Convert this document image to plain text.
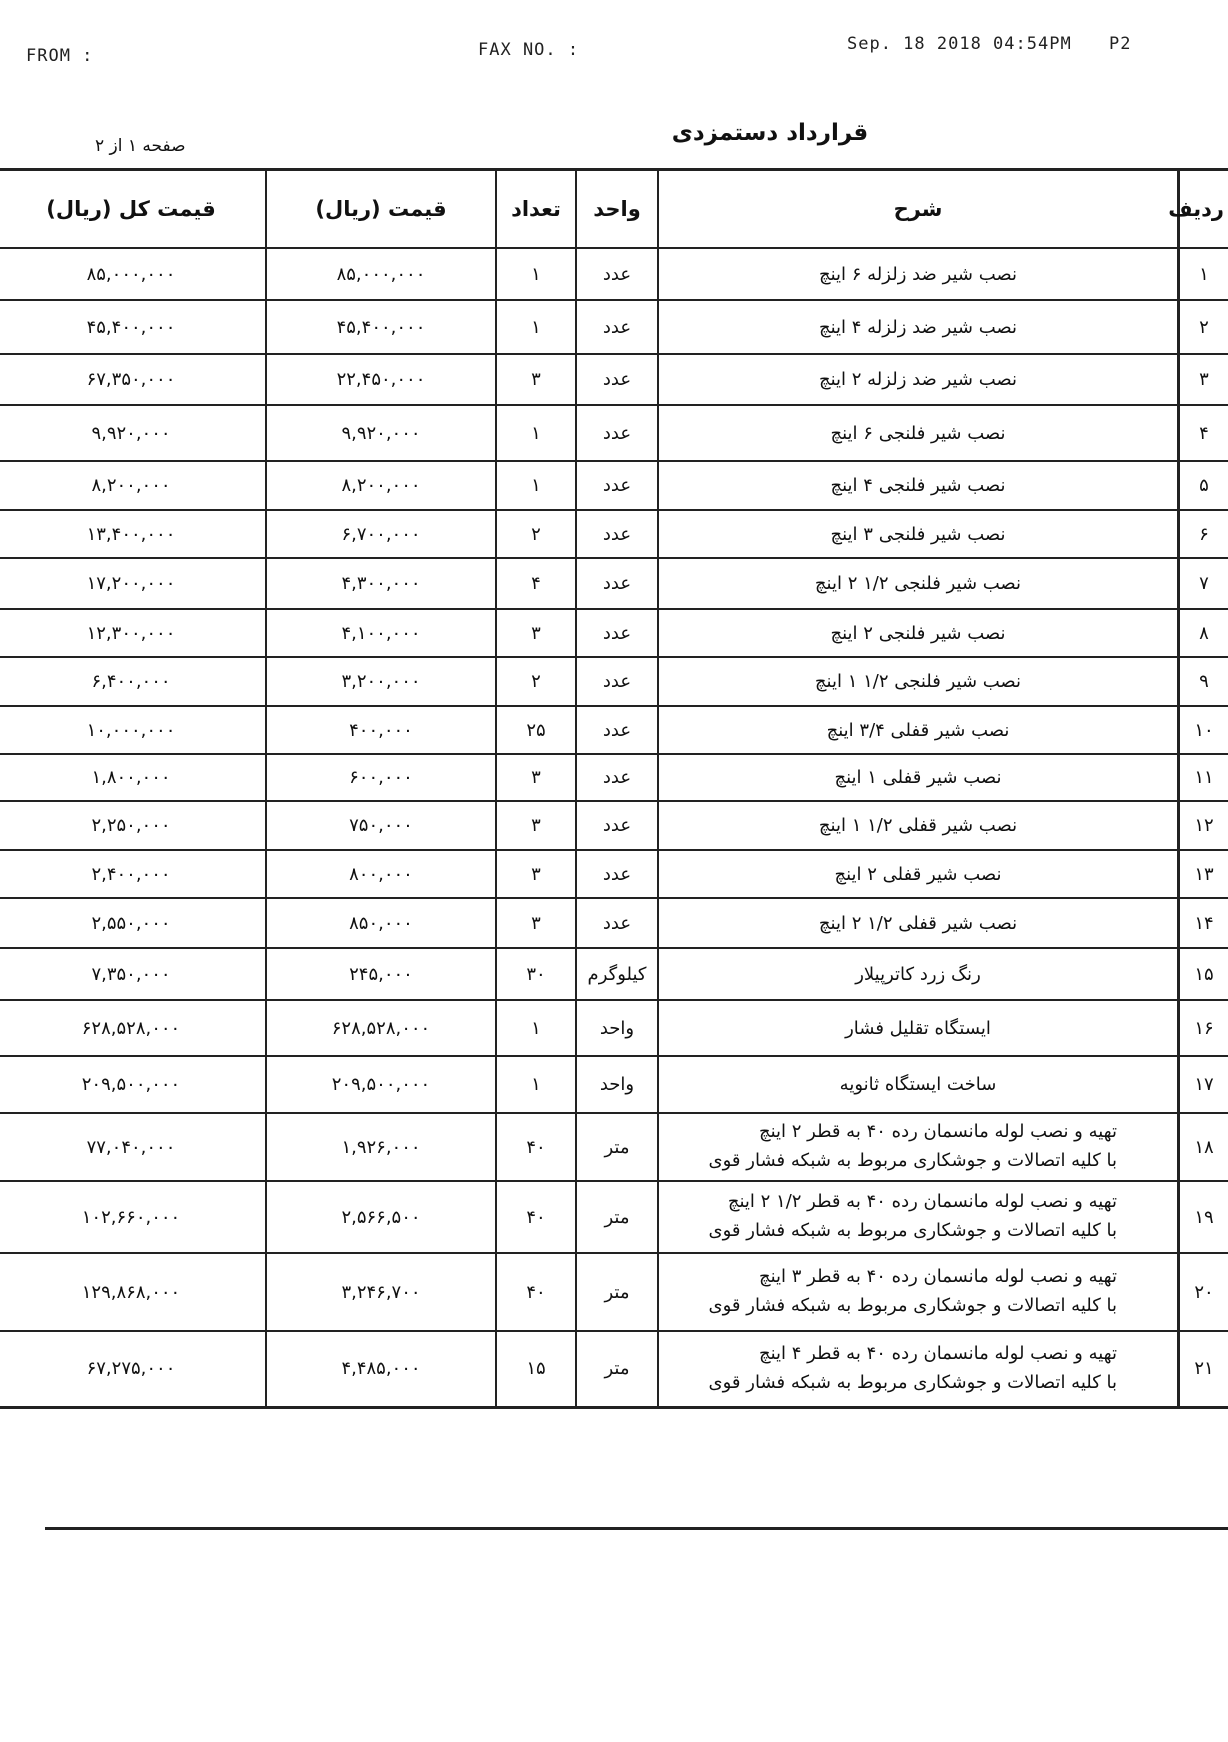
FROM :	FAX NO. :	Sep. 18 2018 04:54PM P2
قرارداد دستمزدی
صفحه ۱ از ۲
ردیف	شرح	واحد	تعداد	قیمت (ریال)	قیمت کل (ریال)
۱	نصب شیر ضد زلزله ۶ اینچ	عدد	۱	۸۵,۰۰۰,۰۰۰	۸۵,۰۰۰,۰۰۰
۲	نصب شیر ضد زلزله ۴ اینچ	عدد	۱	۴۵,۴۰۰,۰۰۰	۴۵,۴۰۰,۰۰۰
۳	نصب شیر ضد زلزله ۲ اینچ	عدد	۳	۲۲,۴۵۰,۰۰۰	۶۷,۳۵۰,۰۰۰
۴	نصب شیر فلنجی ۶ اینچ	عدد	۱	۹,۹۲۰,۰۰۰	۹,۹۲۰,۰۰۰
۵	نصب شیر فلنجی ۴ اینچ	عدد	۱	۸,۲۰۰,۰۰۰	۸,۲۰۰,۰۰۰
۶	نصب شیر فلنجی ۳ اینچ	عدد	۲	۶,۷۰۰,۰۰۰	۱۳,۴۰۰,۰۰۰
۷	نصب شیر فلنجی ۱/۲ ۲ اینچ	عدد	۴	۴,۳۰۰,۰۰۰	۱۷,۲۰۰,۰۰۰
۸	نصب شیر فلنجی ۲ اینچ	عدد	۳	۴,۱۰۰,۰۰۰	۱۲,۳۰۰,۰۰۰
۹	نصب شیر فلنجی ۱/۲ ۱ اینچ	عدد	۲	۳,۲۰۰,۰۰۰	۶,۴۰۰,۰۰۰
۱۰	نصب شیر قفلی ۳/۴ اینچ	عدد	۲۵	۴۰۰,۰۰۰	۱۰,۰۰۰,۰۰۰
۱۱	نصب شیر قفلی ۱ اینچ	عدد	۳	۶۰۰,۰۰۰	۱,۸۰۰,۰۰۰
۱۲	نصب شیر قفلی ۱/۲ ۱ اینچ	عدد	۳	۷۵۰,۰۰۰	۲,۲۵۰,۰۰۰
۱۳	نصب شیر قفلی ۲ اینچ	عدد	۳	۸۰۰,۰۰۰	۲,۴۰۰,۰۰۰
۱۴	نصب شیر قفلی ۱/۲ ۲ اینچ	عدد	۳	۸۵۰,۰۰۰	۲,۵۵۰,۰۰۰
۱۵	رنگ زرد کاترپیلار	کیلوگرم	۳۰	۲۴۵,۰۰۰	۷,۳۵۰,۰۰۰
۱۶	ایستگاه تقلیل فشار	واحد	۱	۶۲۸,۵۲۸,۰۰۰	۶۲۸,۵۲۸,۰۰۰
۱۷	ساخت ایستگاه ثانویه	واحد	۱	۲۰۹,۵۰۰,۰۰۰	۲۰۹,۵۰۰,۰۰۰
۱۸	تهیه و نصب لوله مانسمان رده ۴۰ به قطر ۲ اینچ
با کلیه اتصالات و جوشکاری مربوط به شبکه فشار قوی	متر	۴۰	۱,۹۲۶,۰۰۰	۷۷,۰۴۰,۰۰۰
۱۹	تهیه و نصب لوله مانسمان رده ۴۰ به قطر ۱/۲ ۲ اینچ
با کلیه اتصالات و جوشکاری مربوط به شبکه فشار قوی	متر	۴۰	۲,۵۶۶,۵۰۰	۱۰۲,۶۶۰,۰۰۰
۲۰	تهیه و نصب لوله مانسمان رده ۴۰ به قطر ۳ اینچ
با کلیه اتصالات و جوشکاری مربوط به شبکه فشار قوی	متر	۴۰	۳,۲۴۶,۷۰۰	۱۲۹,۸۶۸,۰۰۰
۲۱	تهیه و نصب لوله مانسمان رده ۴۰ به قطر ۴ اینچ
با کلیه اتصالات و جوشکاری مربوط به شبکه فشار قوی	متر	۱۵	۴,۴۸۵,۰۰۰	۶۷,۲۷۵,۰۰۰
